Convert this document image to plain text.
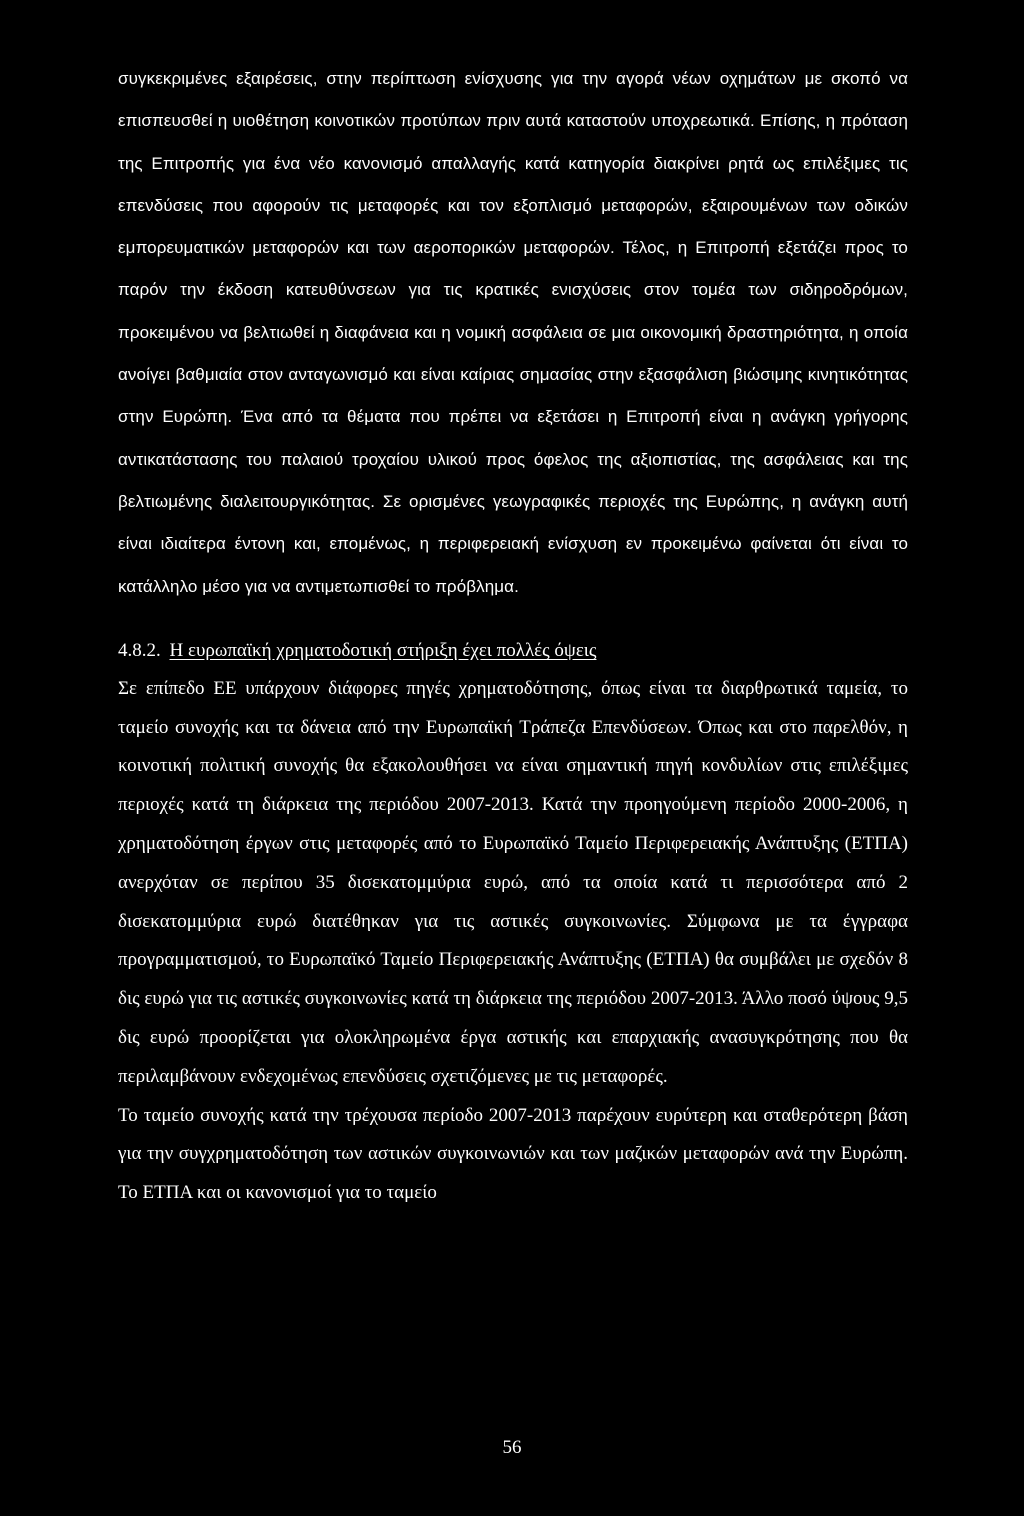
συγκεκριμένες εξαιρέσεις, στην περίπτωση ενίσχυσης για την αγορά νέων οχημάτων με σκοπό να επισπευσθεί η υιοθέτηση κοινοτικών προτύπων πριν αυτά καταστούν υποχρεωτικά. Επίσης, η πρόταση της Επιτροπής για ένα νέο κανονισμό απαλλαγής κατά κατηγορία διακρίνει ρητά ως επιλέξιμες τις επενδύσεις που αφορούν τις μεταφορές και τον εξοπλισμό μεταφορών, εξαιρουμένων των οδικών εμπορευματικών μεταφορών και των αεροπορικών μεταφορών. Τέλος, η Επιτροπή εξετάζει προς το παρόν την έκδοση κατευθύνσεων για τις κρατικές ενισχύσεις στον τομέα των σιδηροδρόμων, προκειμένου να βελτιωθεί η διαφάνεια και η νομική ασφάλεια σε μια οικονομική δραστηριότητα, η οποία ανοίγει βαθμιαία στον ανταγωνισμό και είναι καίριας σημασίας στην εξασφάλιση βιώσιμης κινητικότητας στην Ευρώπη. Ένα από τα θέματα που πρέπει να εξετάσει η Επιτροπή είναι η ανάγκη γρήγορης αντικατάστασης του παλαιού τροχαίου υλικού προς όφελος της αξιοπιστίας, της ασφάλειας και της βελτιωμένης διαλειτουργικότητας. Σε ορισμένες γεωγραφικές περιοχές της Ευρώπης, η ανάγκη αυτή είναι ιδιαίτερα έντονη και, επομένως, η περιφερειακή ενίσχυση εν προκειμένω φαίνεται ότι είναι το κατάλληλο μέσο για να αντιμετωπισθεί το πρόβλημα.

4.8.2. Η ευρωπαϊκή χρηματοδοτική στήριξη έχει πολλές όψεις

Σε επίπεδο ΕΕ υπάρχουν διάφορες πηγές χρηματοδότησης, όπως είναι τα διαρθρωτικά ταμεία, το ταμείο συνοχής και τα δάνεια από την Ευρωπαϊκή Τράπεζα Επενδύσεων. Όπως και στο παρελθόν, η κοινοτική πολιτική συνοχής θα εξακολουθήσει να είναι σημαντική πηγή κονδυλίων στις επιλέξιμες περιοχές κατά τη διάρκεια της περιόδου 2007-2013. Κατά την προηγούμενη περίοδο 2000-2006, η χρηματοδότηση έργων στις μεταφορές από το Ευρωπαϊκό Ταμείο Περιφερειακής Ανάπτυξης (ΕΤΠΑ) ανερχόταν σε περίπου 35 δισεκατομμύρια ευρώ, από τα οποία κατά τι περισσότερα από 2 δισεκατομμύρια ευρώ διατέθηκαν για τις αστικές συγκοινωνίες. Σύμφωνα με τα έγγραφα προγραμματισμού, το Ευρωπαϊκό Ταμείο Περιφερειακής Ανάπτυξης (ΕΤΠΑ) θα συμβάλει με σχεδόν 8 δις ευρώ για τις αστικές συγκοινωνίες κατά τη διάρκεια της περιόδου 2007-2013. Άλλο ποσό ύψους 9,5 δις ευρώ προορίζεται για ολοκληρωμένα έργα αστικής και επαρχιακής ανασυγκρότησης που θα περιλαμβάνουν ενδεχομένως επενδύσεις σχετιζόμενες με τις μεταφορές.

Το ταμείο συνοχής κατά την τρέχουσα περίοδο 2007-2013 παρέχουν ευρύτερη και σταθερότερη βάση για την συγχρηματοδότηση των αστικών συγκοινωνιών και των μαζικών μεταφορών ανά την Ευρώπη. Το ΕΤΠΑ και οι κανονισμοί για το ταμείο

56
